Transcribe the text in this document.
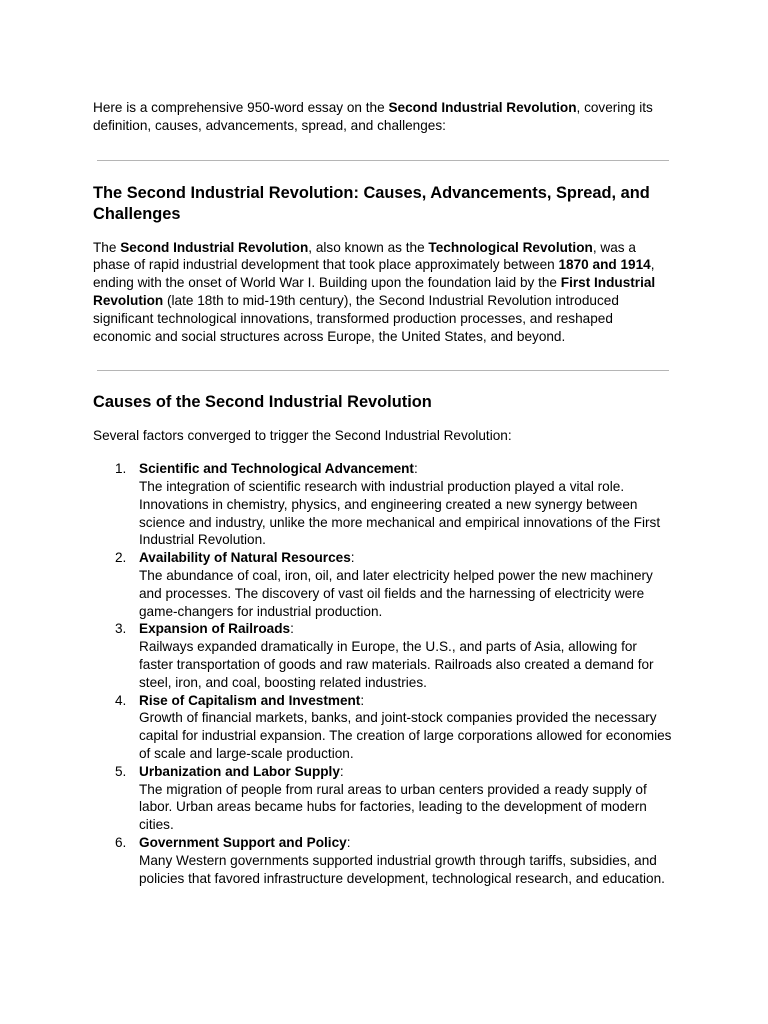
Here is a comprehensive 950-word essay on the Second Industrial Revolution, covering its definition, causes, advancements, spread, and challenges:

The Second Industrial Revolution: Causes, Advancements, Spread, and Challenges

The Second Industrial Revolution, also known as the Technological Revolution, was a phase of rapid industrial development that took place approximately between 1870 and 1914, ending with the onset of World War I. Building upon the foundation laid by the First Industrial Revolution (late 18th to mid-19th century), the Second Industrial Revolution introduced significant technological innovations, transformed production processes, and reshaped economic and social structures across Europe, the United States, and beyond.

Causes of the Second Industrial Revolution

Several factors converged to trigger the Second Industrial Revolution:

1. Scientific and Technological Advancement:
The integration of scientific research with industrial production played a vital role. Innovations in chemistry, physics, and engineering created a new synergy between science and industry, unlike the more mechanical and empirical innovations of the First Industrial Revolution.
2. Availability of Natural Resources:
The abundance of coal, iron, oil, and later electricity helped power the new machinery and processes. The discovery of vast oil fields and the harnessing of electricity were game-changers for industrial production.
3. Expansion of Railroads:
Railways expanded dramatically in Europe, the U.S., and parts of Asia, allowing for faster transportation of goods and raw materials. Railroads also created a demand for steel, iron, and coal, boosting related industries.
4. Rise of Capitalism and Investment:
Growth of financial markets, banks, and joint-stock companies provided the necessary capital for industrial expansion. The creation of large corporations allowed for economies of scale and large-scale production.
5. Urbanization and Labor Supply:
The migration of people from rural areas to urban centers provided a ready supply of labor. Urban areas became hubs for factories, leading to the development of modern cities.
6. Government Support and Policy:
Many Western governments supported industrial growth through tariffs, subsidies, and policies that favored infrastructure development, technological research, and education.
